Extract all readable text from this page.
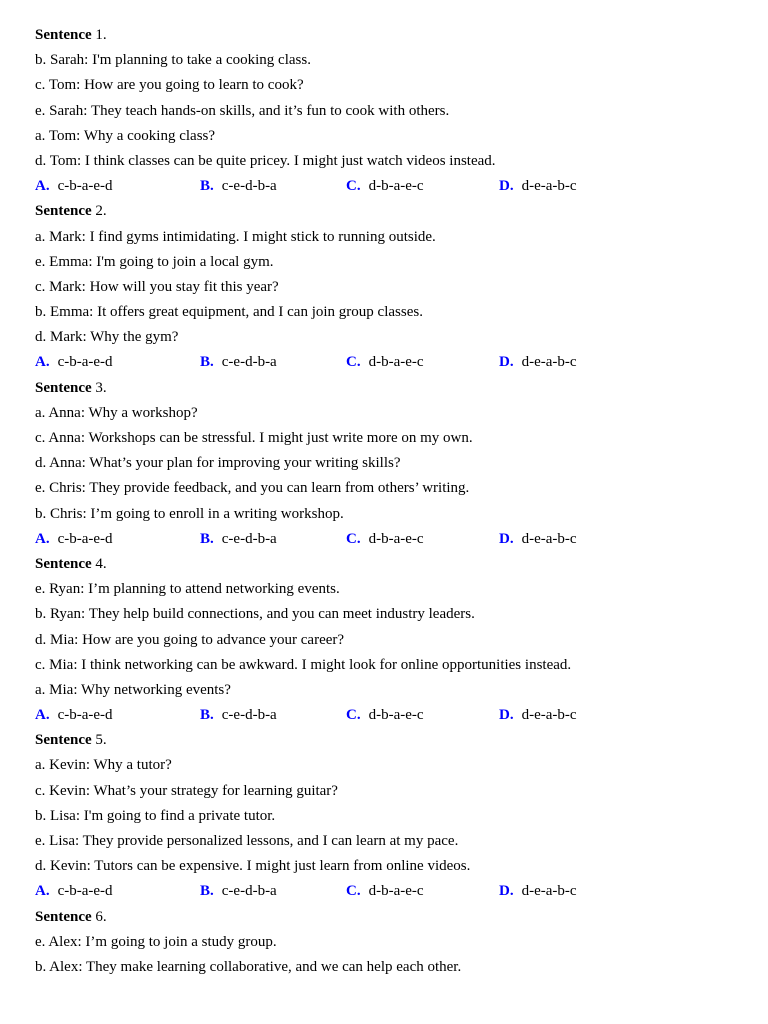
Sentence 1.
b. Sarah: I'm planning to take a cooking class.
c. Tom: How are you going to learn to cook?
e. Sarah: They teach hands-on skills, and it’s fun to cook with others.
a. Tom: Why a cooking class?
d. Tom: I think classes can be quite pricey. I might just watch videos instead.
A. c-b-a-e-d	B. c-e-d-b-a	C. d-b-a-e-c	D. d-e-a-b-c
Sentence 2.
a. Mark: I find gyms intimidating. I might stick to running outside.
e. Emma: I'm going to join a local gym.
c. Mark: How will you stay fit this year?
b. Emma: It offers great equipment, and I can join group classes.
d. Mark: Why the gym?
A. c-b-a-e-d	B. c-e-d-b-a	C. d-b-a-e-c	D. d-e-a-b-c
Sentence 3.
a. Anna: Why a workshop?
c. Anna: Workshops can be stressful. I might just write more on my own.
d. Anna: What’s your plan for improving your writing skills?
e. Chris: They provide feedback, and you can learn from others’ writing.
b. Chris: I’m going to enroll in a writing workshop.
A. c-b-a-e-d	B. c-e-d-b-a	C. d-b-a-e-c	D. d-e-a-b-c
Sentence 4.
e. Ryan: I’m planning to attend networking events.
b. Ryan: They help build connections, and you can meet industry leaders.
d. Mia: How are you going to advance your career?
c. Mia: I think networking can be awkward. I might look for online opportunities instead.
a. Mia: Why networking events?
A. c-b-a-e-d	B. c-e-d-b-a	C. d-b-a-e-c	D. d-e-a-b-c
Sentence 5.
a. Kevin: Why a tutor?
c. Kevin: What’s your strategy for learning guitar?
b. Lisa: I'm going to find a private tutor.
e. Lisa: They provide personalized lessons, and I can learn at my pace.
d. Kevin: Tutors can be expensive. I might just learn from online videos.
A. c-b-a-e-d	B. c-e-d-b-a	C. d-b-a-e-c	D. d-e-a-b-c
Sentence 6.
e. Alex: I’m going to join a study group.
b. Alex: They make learning collaborative, and we can help each other.
